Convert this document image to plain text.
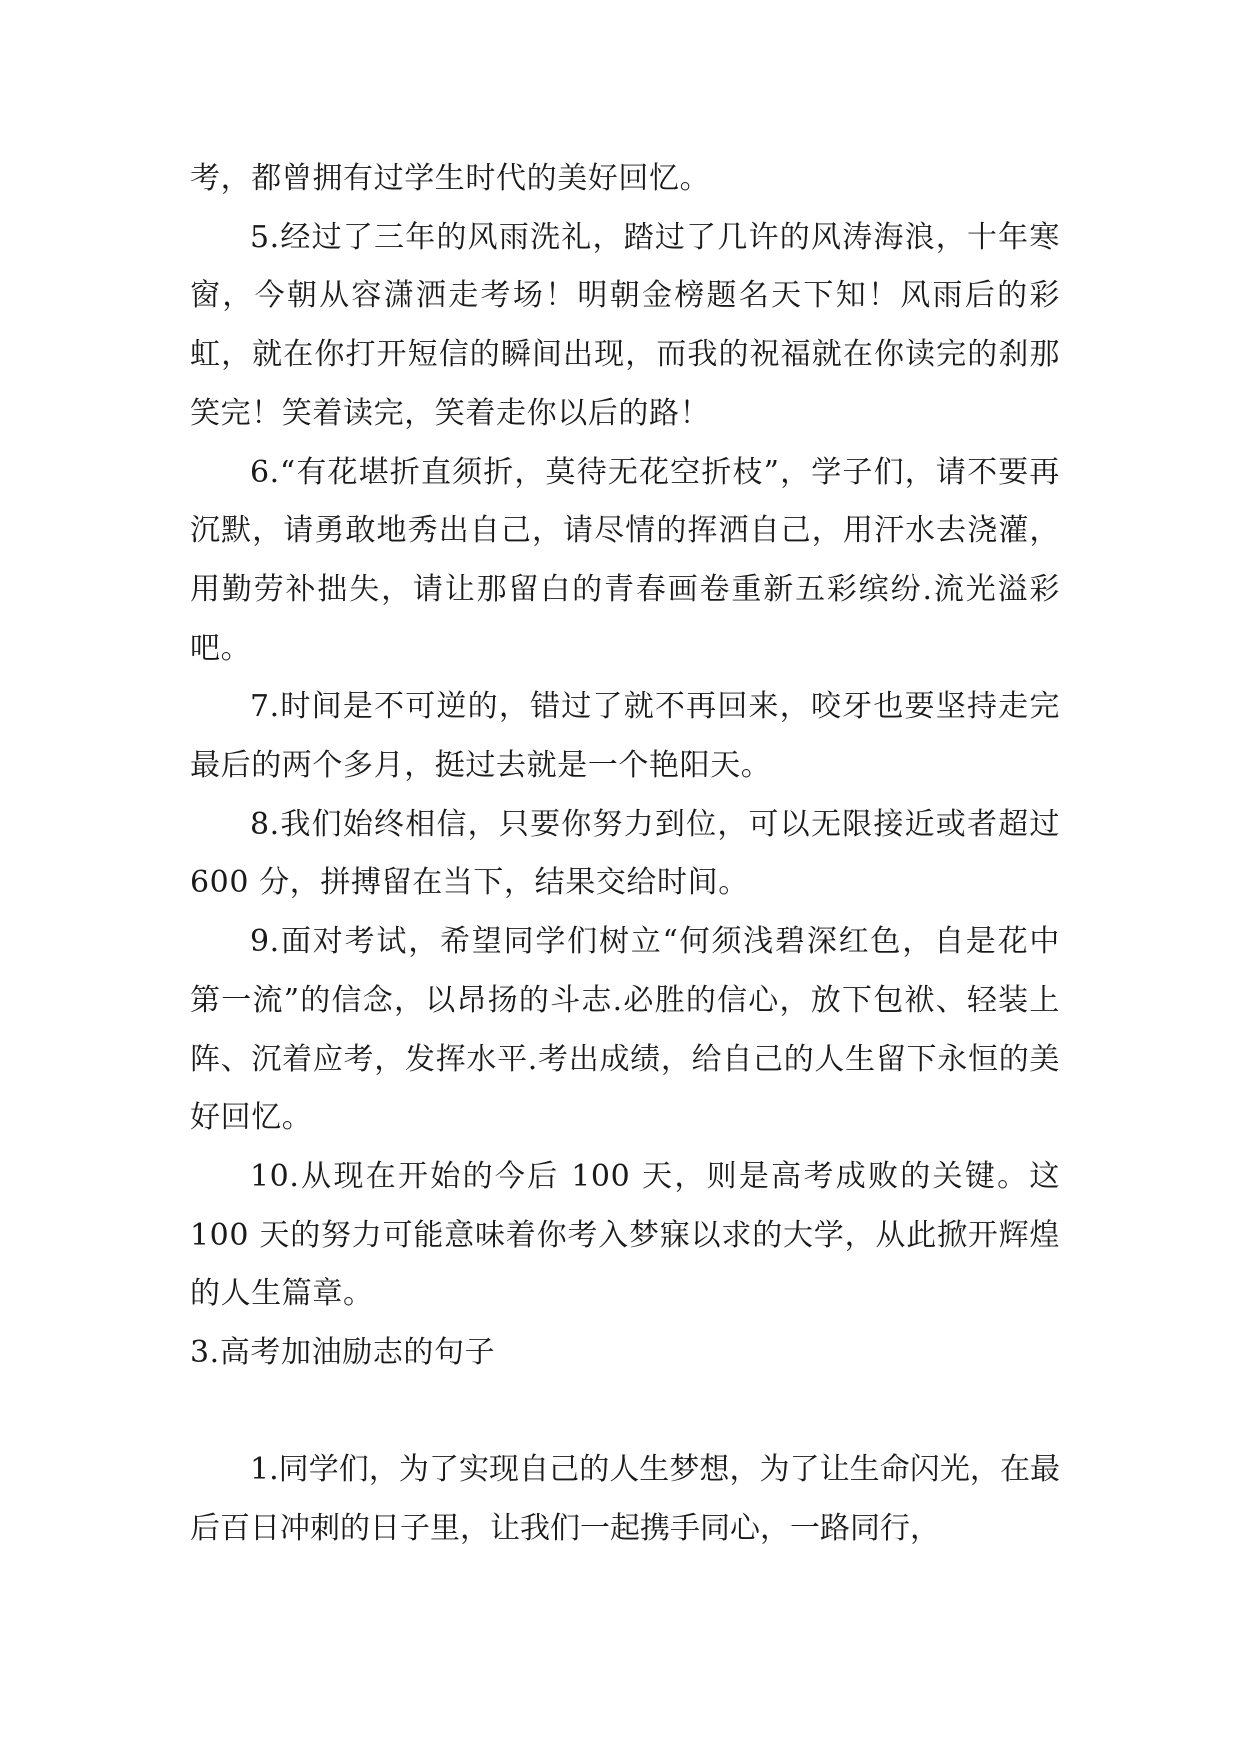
考，都曾拥有过学生时代的美好回忆。

5.经过了三年的风雨洗礼，踏过了几许的风涛海浪，十年寒窗，今朝从容潇洒走考场！明朝金榜题名天下知！风雨后的彩虹，就在你打开短信的瞬间出现，而我的祝福就在你读完的刹那笑完！笑着读完，笑着走你以后的路！

6.“有花堪折直须折，莫待无花空折枝”，学子们，请不要再沉默，请勇敢地秀出自己，请尽情的挥洒自己，用汗水去浇灌，用勤劳补拙失，请让那留白的青春画卷重新五彩缤纷.流光溢彩吧。

7.时间是不可逆的，错过了就不再回来，咬牙也要坚持走完最后的两个多月，挺过去就是一个艳阳天。

8.我们始终相信，只要你努力到位，可以无限接近或者超过 600 分，拼搏留在当下，结果交给时间。

9.面对考试，希望同学们树立“何须浅碧深红色，自是花中第一流”的信念，以昂扬的斗志.必胜的信心，放下包袱、轻装上阵、沉着应考，发挥水平.考出成绩，给自己的人生留下永恒的美好回忆。

10.从现在开始的今后 100 天，则是高考成败的关键。这 100 天的努力可能意味着你考入梦寐以求的大学，从此掀开辉煌的人生篇章。

3.高考加油励志的句子

1.同学们，为了实现自己的人生梦想，为了让生命闪光，在最后百日冲刺的日子里，让我们一起携手同心，一路同行，
